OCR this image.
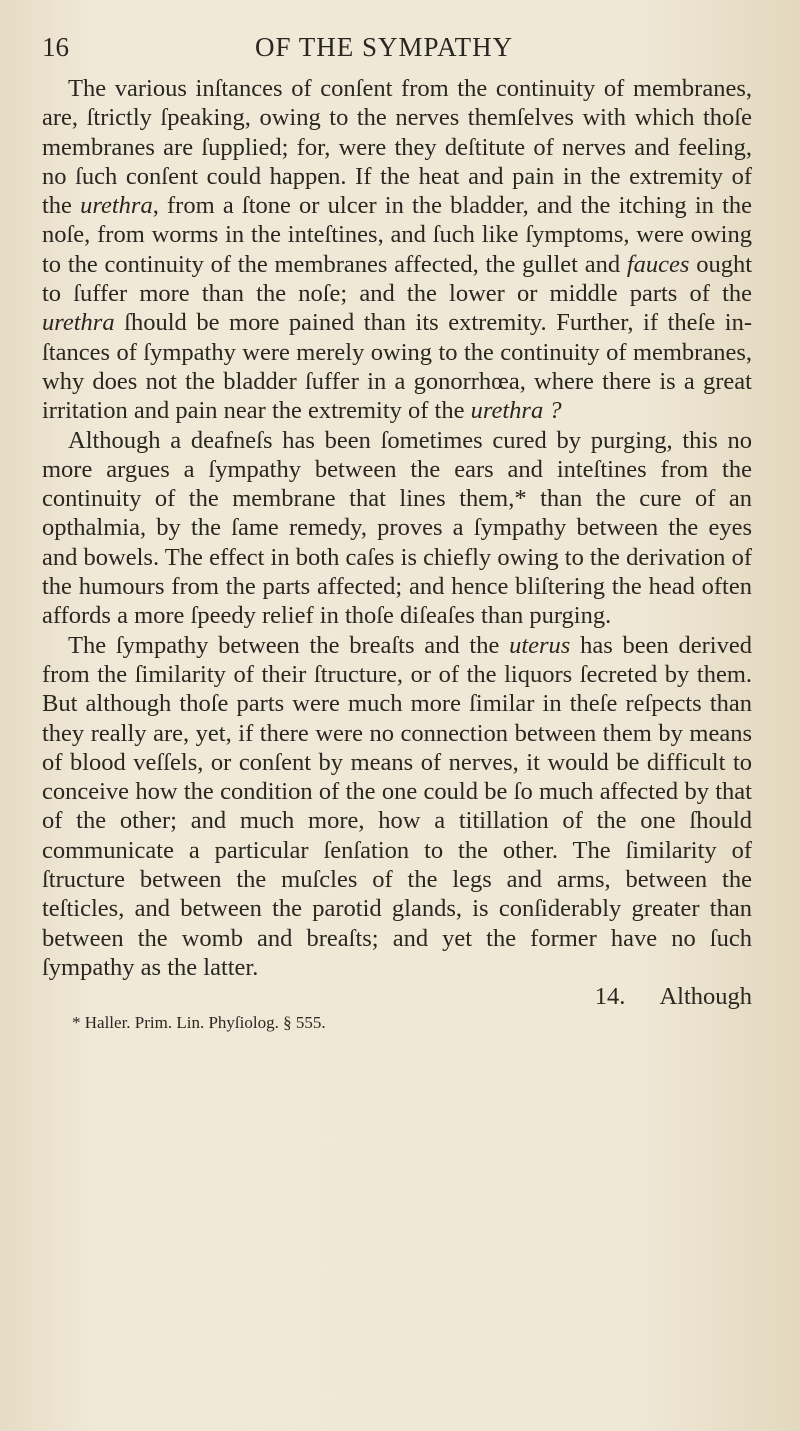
16	OF THE SYMPATHY

The various inſtances of conſent from the continuity of membranes, are, ſtrictly ſpeaking, owing to the nerves themſelves with which thoſe membranes are ſupplied; for, were they deſtitute of nerves and feeling, no ſuch conſent could happen. If the heat and pain in the extremity of the urethra, from a ſtone or ulcer in the bladder, and the itching in the noſe, from worms in the inteſtines, and ſuch like ſymptoms, were owing to the continuity of the membranes affected, the gullet and fauces ought to ſuffer more than the noſe; and the lower or middle parts of the urethra ſhould be more pained than its extremity. Further, if theſe inſtances of ſympathy were merely owing to the continuity of membranes, why does not the bladder ſuffer in a gonorrhœa, where there is a great irritation and pain near the extremity of the urethra ?

Although a deafneſs has been ſometimes cured by purging, this no more argues a ſympathy between the ears and inteſtines from the continuity of the membrane that lines them,* than the cure of an opthalmia, by the ſame remedy, proves a ſympathy between the eyes and bowels. The effect in both caſes is chiefly owing to the derivation of the humours from the parts affected; and hence bliſtering the head often affords a more ſpeedy relief in thoſe diſeaſes than purging.

The ſympathy between the breaſts and the uterus has been derived from the ſimilarity of their ſtructure, or of the liquors ſecreted by them. But although thoſe parts were much more ſimilar in theſe reſpects than they really are, yet, if there were no connection between them by means of blood veſſels, or conſent by means of nerves, it would be difficult to conceive how the condition of the one could be ſo much affected by that of the other; and much more, how a titillation of the one ſhould communicate a particular ſenſation to the other. The ſimilarity of ſtructure between the muſcles of the legs and arms, between the teſticles, and between the parotid glands, is conſiderably greater than between the womb and breaſts; and yet the former have no ſuch ſympathy as the latter.

14. Although
* Haller. Prim. Lin. Phyſiolog. § 555.
